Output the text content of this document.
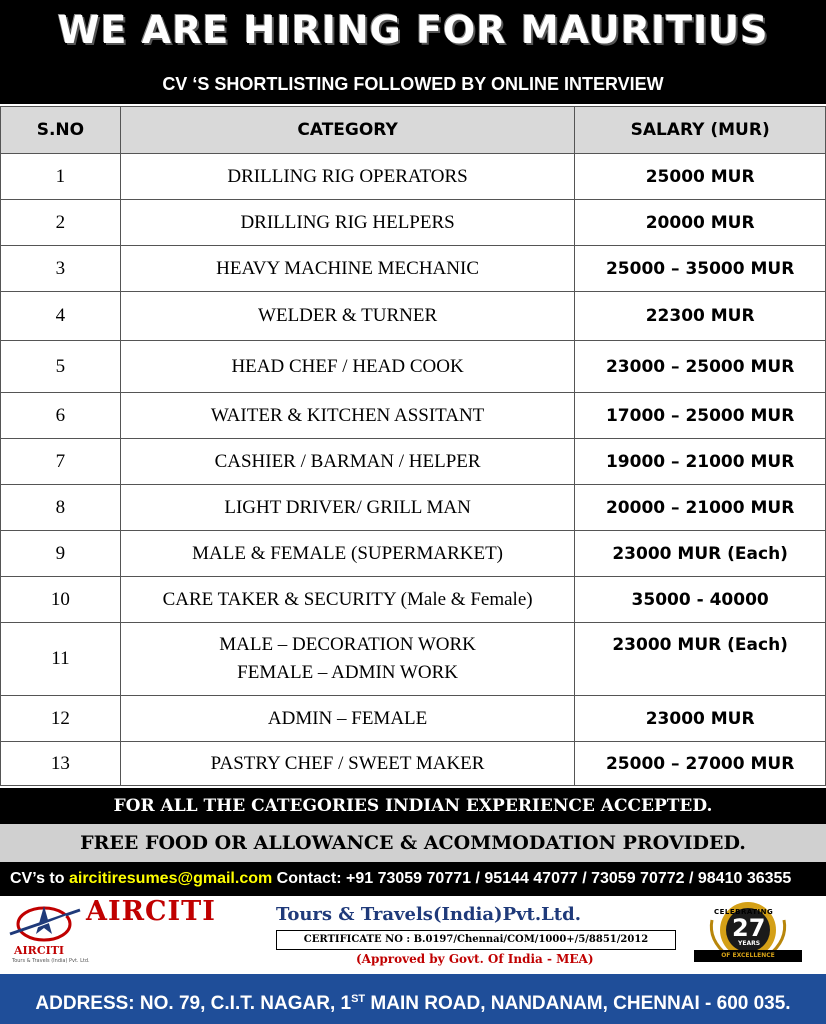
WE ARE HIRING FOR MAURITIUS
CV ‘S SHORTLISTING FOLLOWED BY ONLINE INTERVIEW
S.NO	CATEGORY	SALARY (MUR)
1	DRILLING RIG OPERATORS	25000 MUR
2	DRILLING RIG HELPERS	20000 MUR
3	HEAVY MACHINE MECHANIC	25000 – 35000 MUR
4	WELDER & TURNER	22300 MUR
5	HEAD CHEF / HEAD COOK	23000 – 25000 MUR
6	WAITER & KITCHEN ASSITANT	17000 – 25000 MUR
7	CASHIER / BARMAN / HELPER	19000 – 21000 MUR
8	LIGHT DRIVER/ GRILL MAN	20000 – 21000 MUR
9	MALE & FEMALE (SUPERMARKET)	23000 MUR (Each)
10	CARE TAKER & SECURITY (Male & Female)	35000 - 40000
11	MALE – DECORATION WORK
FEMALE – ADMIN WORK	23000 MUR (Each)
12	ADMIN – FEMALE	23000 MUR
13	PASTRY CHEF / SWEET MAKER	25000 – 27000 MUR
FOR ALL THE CATEGORIES INDIAN EXPERIENCE ACCEPTED.
FREE FOOD OR ALLOWANCE & ACOMMODATION PROVIDED.
CV’s to aircitiresumes@gmail.com Contact: +91 73059 70771 / 95144 47077 / 73059 70772 / 98410 36355
AIRCITI
Tours & Travels (India) Pvt. Ltd.
AIRCITI	Tours & Travels(India)Pvt.Ltd.
CERTIFICATE NO : B.0197/Chennai/COM/1000+/5/8851/2012
(Approved by Govt. Of India - MEA)
CELEBRATING
27
YEARS
OF EXCELLENCE
ADDRESS: NO. 79, C.I.T. NAGAR, 1ST MAIN ROAD, NANDANAM, CHENNAI - 600 035.
